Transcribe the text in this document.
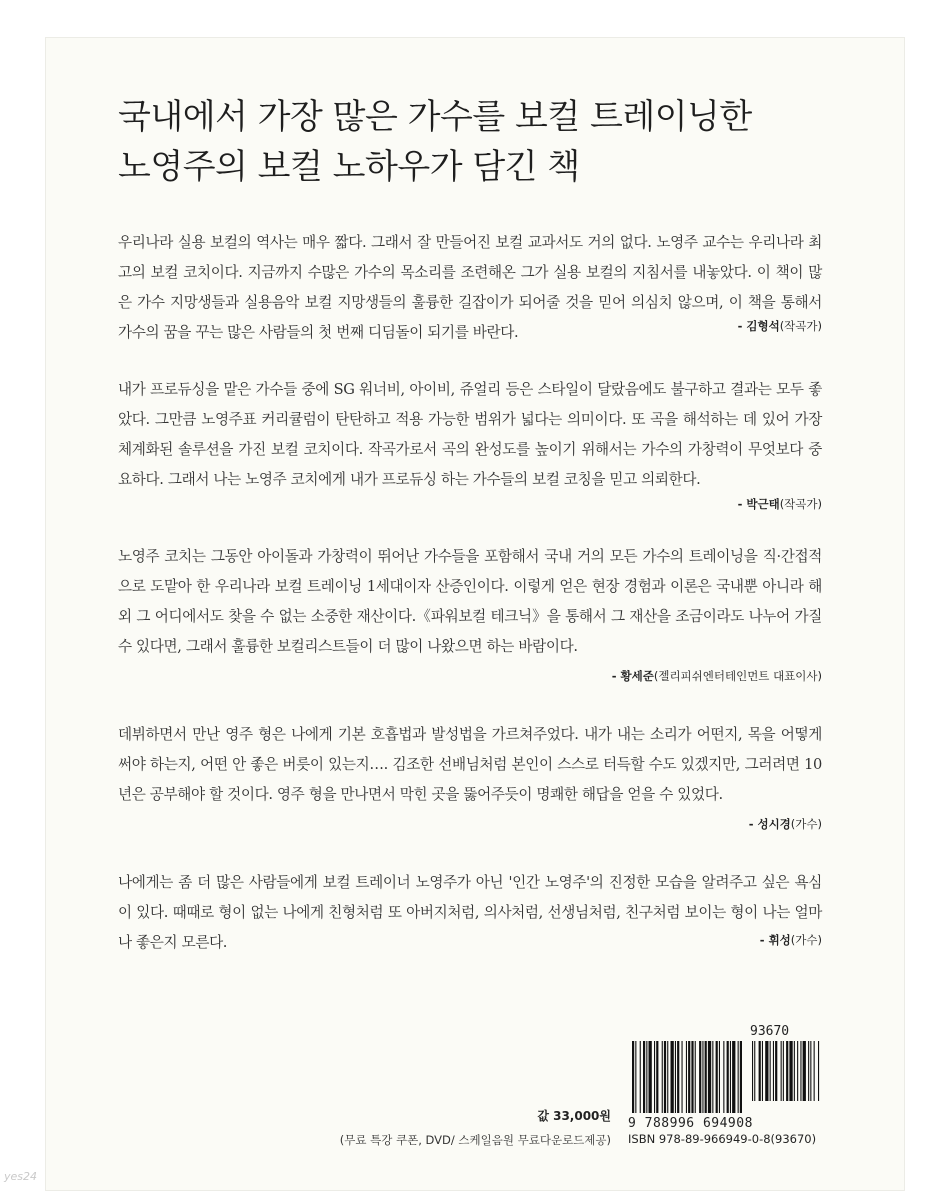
국내에서 가장 많은 가수를 보컬 트레이닝한
노영주의 보컬 노하우가 담긴 책
우리나라 실용 보컬의 역사는 매우 짧다. 그래서 잘 만들어진 보컬 교과서도 거의 없다. 노영주 교수는 우리나라 최고의 보컬 코치이다. 지금까지 수많은 가수의 목소리를 조련해온 그가 실용 보컬의 지침서를 내놓았다. 이 책이 많은 가수 지망생들과 실용음악 보컬 지망생들의 훌륭한 길잡이가 되어줄 것을 믿어 의심치 않으며, 이 책을 통해서 가수의 꿈을 꾸는 많은 사람들의 첫 번째 디딤돌이 되기를 바란다.	- 김형석(작곡가)
내가 프로듀싱을 맡은 가수들 중에 SG 워너비, 아이비, 쥬얼리 등은 스타일이 달랐음에도 불구하고 결과는 모두 좋았다. 그만큼 노영주표 커리큘럼이 탄탄하고 적용 가능한 범위가 넓다는 의미이다. 또 곡을 해석하는 데 있어 가장 체계화된 솔루션을 가진 보컬 코치이다. 작곡가로서 곡의 완성도를 높이기 위해서는 가수의 가창력이 무엇보다 중요하다. 그래서 나는 노영주 코치에게 내가 프로듀싱 하는 가수들의 보컬 코칭을 믿고 의뢰한다.
- 박근태(작곡가)
노영주 코치는 그동안 아이돌과 가창력이 뛰어난 가수들을 포함해서 국내 거의 모든 가수의 트레이닝을 직·간접적으로 도맡아 한 우리나라 보컬 트레이닝 1세대이자 산증인이다. 이렇게 얻은 현장 경험과 이론은 국내뿐 아니라 해외 그 어디에서도 찾을 수 없는 소중한 재산이다.《파워보컬 테크닉》을 통해서 그 재산을 조금이라도 나누어 가질 수 있다면, 그래서 훌륭한 보컬리스트들이 더 많이 나왔으면 하는 바람이다.
- 황세준(젤리피쉬엔터테인먼트 대표이사)
데뷔하면서 만난 영주 형은 나에게 기본 호흡법과 발성법을 가르쳐주었다. 내가 내는 소리가 어떤지, 목을 어떻게 써야 하는지, 어떤 안 좋은 버릇이 있는지…. 김조한 선배님처럼 본인이 스스로 터득할 수도 있겠지만, 그러려면 10년은 공부해야 할 것이다. 영주 형을 만나면서 막힌 곳을 뚫어주듯이 명쾌한 해답을 얻을 수 있었다.
- 성시경(가수)
나에게는 좀 더 많은 사람들에게 보컬 트레이너 노영주가 아닌 '인간 노영주'의 진정한 모습을 알려주고 싶은 욕심이 있다. 때때로 형이 없는 나에게 친형처럼 또 아버지처럼, 의사처럼, 선생님처럼, 친구처럼 보이는 형이 나는 얼마나 좋은지 모른다.	- 휘성(가수)
93670
9 788996 694908
ISBN 978-89-966949-0-8(93670)
값 33,000원
(무료 특강 쿠폰, DVD/ 스케일음원 무료다운로드제공)
yes24
